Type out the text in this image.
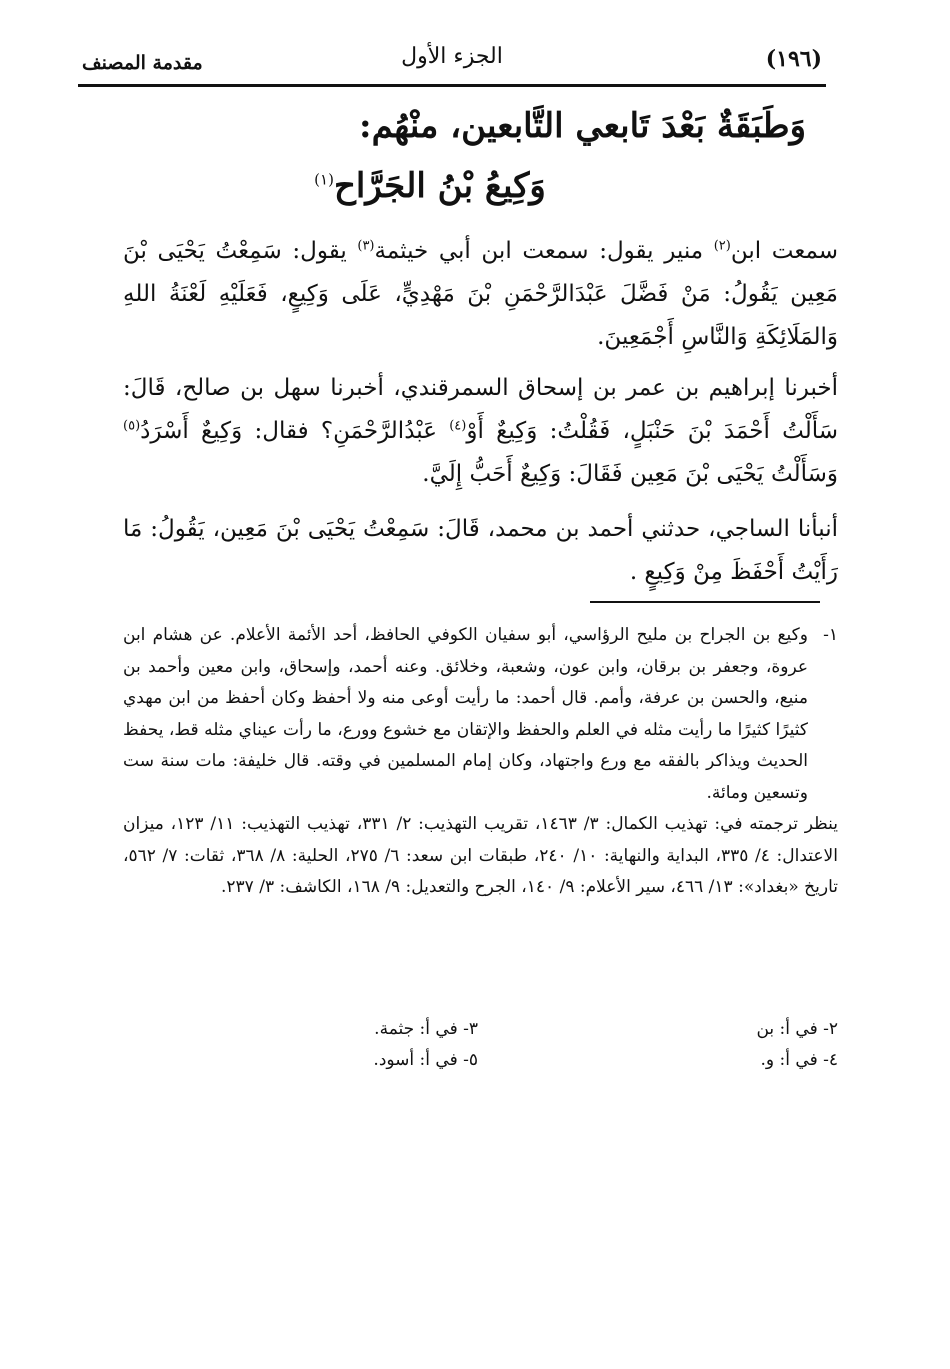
(١٩٦)
الجزء الأول
مقدمة المصنف
وَطَبَقَةٌ بَعْدَ تَابعي التَّابعين، منْهُم:
وَكِيعُ بْنُ الجَرَّاح$^{(١)}$
سمعت ابن$^{(٢)}$ منير يقول: سمعت ابن أبي خيثمة$^{(٣)}$ يقول: سَمِعْتُ يَحْيَى بْنَ مَعِين يَقُولُ: مَنْ فَضَّلَ عَبْدَالرَّحْمَنِ بْنَ مَهْدِيٍّ، عَلَى وَكِيعٍ، فَعَلَيْهِ لَعْنَةُ اللهِ وَالمَلَائِكَةِ وَالنَّاسِ أَجْمَعِينَ.
أخبرنا إبراهيم بن عمر بن إسحاق السمرقندي، أخبرنا سهل بن صالح، قَالَ: سَأَلْتُ أَحْمَدَ بْنَ حَنْبَلٍ، فَقُلْتُ: وَكِيعٌ أَوْ$^{(٤)}$ عَبْدُالرَّحْمَنِ؟ فقال: وَكِيعٌ أَسْرَدُ$^{(٥)}$ وَسَأَلْتُ يَحْيَى بْنَ مَعِين فَقَالَ: وَكِيعٌ أَحَبُّ إِلَيَّ.
أنبأنا الساجي، حدثني أحمد بن محمد، قَالَ: سَمِعْتُ يَحْيَى بْنَ مَعِين، يَقُولُ: مَا رَأَيْتُ أَحْفَظَ مِنْ وَكِيعٍ .
١-
وكيع بن الجراح بن مليح الرؤاسي، أبو سفيان الكوفي الحافظ، أحد الأئمة الأعلام. عن هشام ابن عروة، وجعفر بن برقان، وابن عون، وشعبة، وخلائق. وعنه أحمد، وإسحاق، وابن معين وأحمد بن منيع، والحسن بن عرفة، وأمم. قال أحمد: ما رأيت أوعى منه ولا أحفظ وكان أحفظ من ابن مهدي كثيرًا كثيرًا ما رأيت مثله في العلم والحفظ والإتقان مع خشوع وورع، ما رأت عيناي مثله قط، يحفظ الحديث ويذاكر بالفقه مع ورع واجتهاد، وكان إمام المسلمين في وقته. قال خليفة: مات سنة ست وتسعين ومائة.
ينظر ترجمته في: تهذيب الكمال: ٣/ ١٤٦٣، تقريب التهذيب: ٢/ ٣٣١، تهذيب التهذيب: ١١/ ١٢٣، ميزان الاعتدال: ٤/ ٣٣٥، البداية والنهاية: ١٠/ ٢٤٠، طبقات ابن سعد: ٦/ ٢٧٥، الحلية: ٨/ ٣٦٨، ثقات: ٧/ ٥٦٢، تاريخ «بغداد»: ١٣/ ٤٦٦، سير الأعلام: ٩/ ١٤٠، الجرح والتعديل: ٩/ ١٦٨، الكاشف: ٣/ ٢٣٧.
٢- في أ: بن
٣- في أ: جثمة.
٤- في أ: و.
٥- في أ: أسود.
